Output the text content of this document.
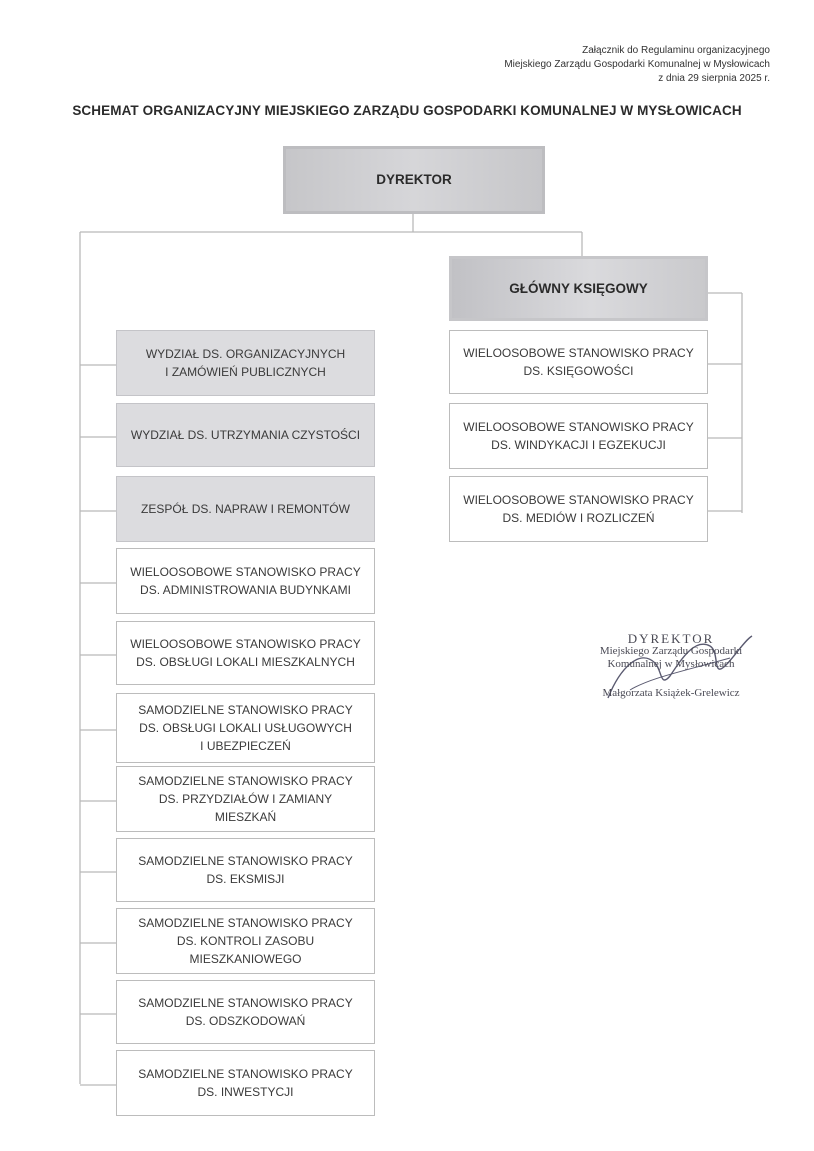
Załącznik do Regulaminu organizacyjnego
Miejskiego Zarządu Gospodarki Komunalnej w Mysłowicach
z dnia 29 sierpnia 2025 r.
SCHEMAT ORGANIZACYJNY MIEJSKIEGO ZARZĄDU GOSPODARKI KOMUNALNEJ W MYSŁOWICACH
DYREKTOR
GŁÓWNY KSIĘGOWY
WYDZIAŁ DS. ORGANIZACYJNYCH
I ZAMÓWIEŃ PUBLICZNYCH
WYDZIAŁ DS. UTRZYMANIA CZYSTOŚCI
ZESPÓŁ DS. NAPRAW I REMONTÓW
WIELOOSOBOWE STANOWISKO PRACY
DS. ADMINISTROWANIA BUDYNKAMI
WIELOOSOBOWE STANOWISKO PRACY
DS. OBSŁUGI LOKALI MIESZKALNYCH
SAMODZIELNE STANOWISKO PRACY
DS. OBSŁUGI LOKALI USŁUGOWYCH
I UBEZPIECZEŃ
SAMODZIELNE STANOWISKO PRACY
DS. PRZYDZIAŁÓW I ZAMIANY
MIESZKAŃ
SAMODZIELNE STANOWISKO PRACY
DS. EKSMISJI
SAMODZIELNE STANOWISKO PRACY
DS. KONTROLI ZASOBU
MIESZKANIOWEGO
SAMODZIELNE STANOWISKO PRACY
DS. ODSZKODOWAŃ
SAMODZIELNE STANOWISKO PRACY
DS. INWESTYCJI
WIELOOSOBOWE STANOWISKO PRACY
DS. KSIĘGOWOŚCI
WIELOOSOBOWE STANOWISKO PRACY
DS. WINDYKACJI I EGZEKUCJI
WIELOOSOBOWE STANOWISKO PRACY
DS. MEDIÓW I ROZLICZEŃ
DYREKTOR
Miejskiego Zarządu Gospodarki
Komunalnej w Mysłowicach
Małgorzata Książek-Grelewicz
